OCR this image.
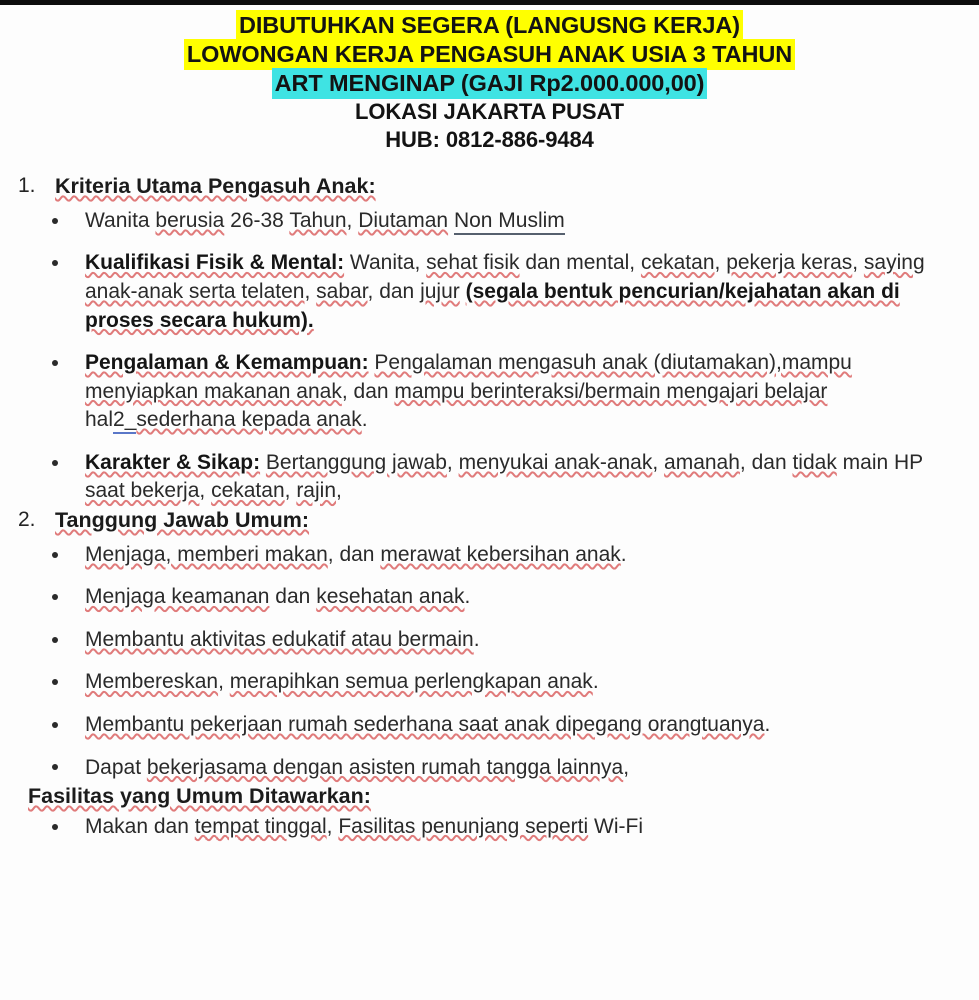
DIBUTUHKAN SEGERA (LANGUSNG KERJA)
LOWONGAN KERJA PENGASUH ANAK USIA 3 TAHUN
ART MENGINAP (GAJI Rp2.000.000,00)
LOKASI JAKARTA PUSAT
HUB: 0812-886-9484
1. Kriteria Utama Pengasuh Anak:
Wanita berusia 26-38 Tahun, Diutaman Non Muslim
Kualifikasi Fisik & Mental: Wanita, sehat fisik dan mental, cekatan, pekerja keras, saying anak-anak serta telaten, sabar, dan jujur (segala bentuk pencurian/kejahatan akan di proses secara hukum).
Pengalaman & Kemampuan: Pengalaman mengasuh anak (diutamakan),mampu menyiapkan makanan anak, dan mampu berinteraksi/bermain mengajari belajar hal2_sederhana kepada anak.
Karakter & Sikap: Bertanggung jawab, menyukai anak-anak, amanah, dan tidak main HP saat bekerja, cekatan, rajin,
2. Tanggung Jawab Umum:
Menjaga, memberi makan, dan merawat kebersihan anak.
Menjaga keamanan dan kesehatan anak.
Membantu aktivitas edukatif atau bermain.
Membereskan, merapihkan semua perlengkapan anak.
Membantu pekerjaan rumah sederhana saat anak dipegang orangtuanya.
Dapat bekerjasama dengan asisten rumah tangga lainnya,
Fasilitas yang Umum Ditawarkan:
Makan dan tempat tinggal, Fasilitas penunjang seperti Wi-Fi
